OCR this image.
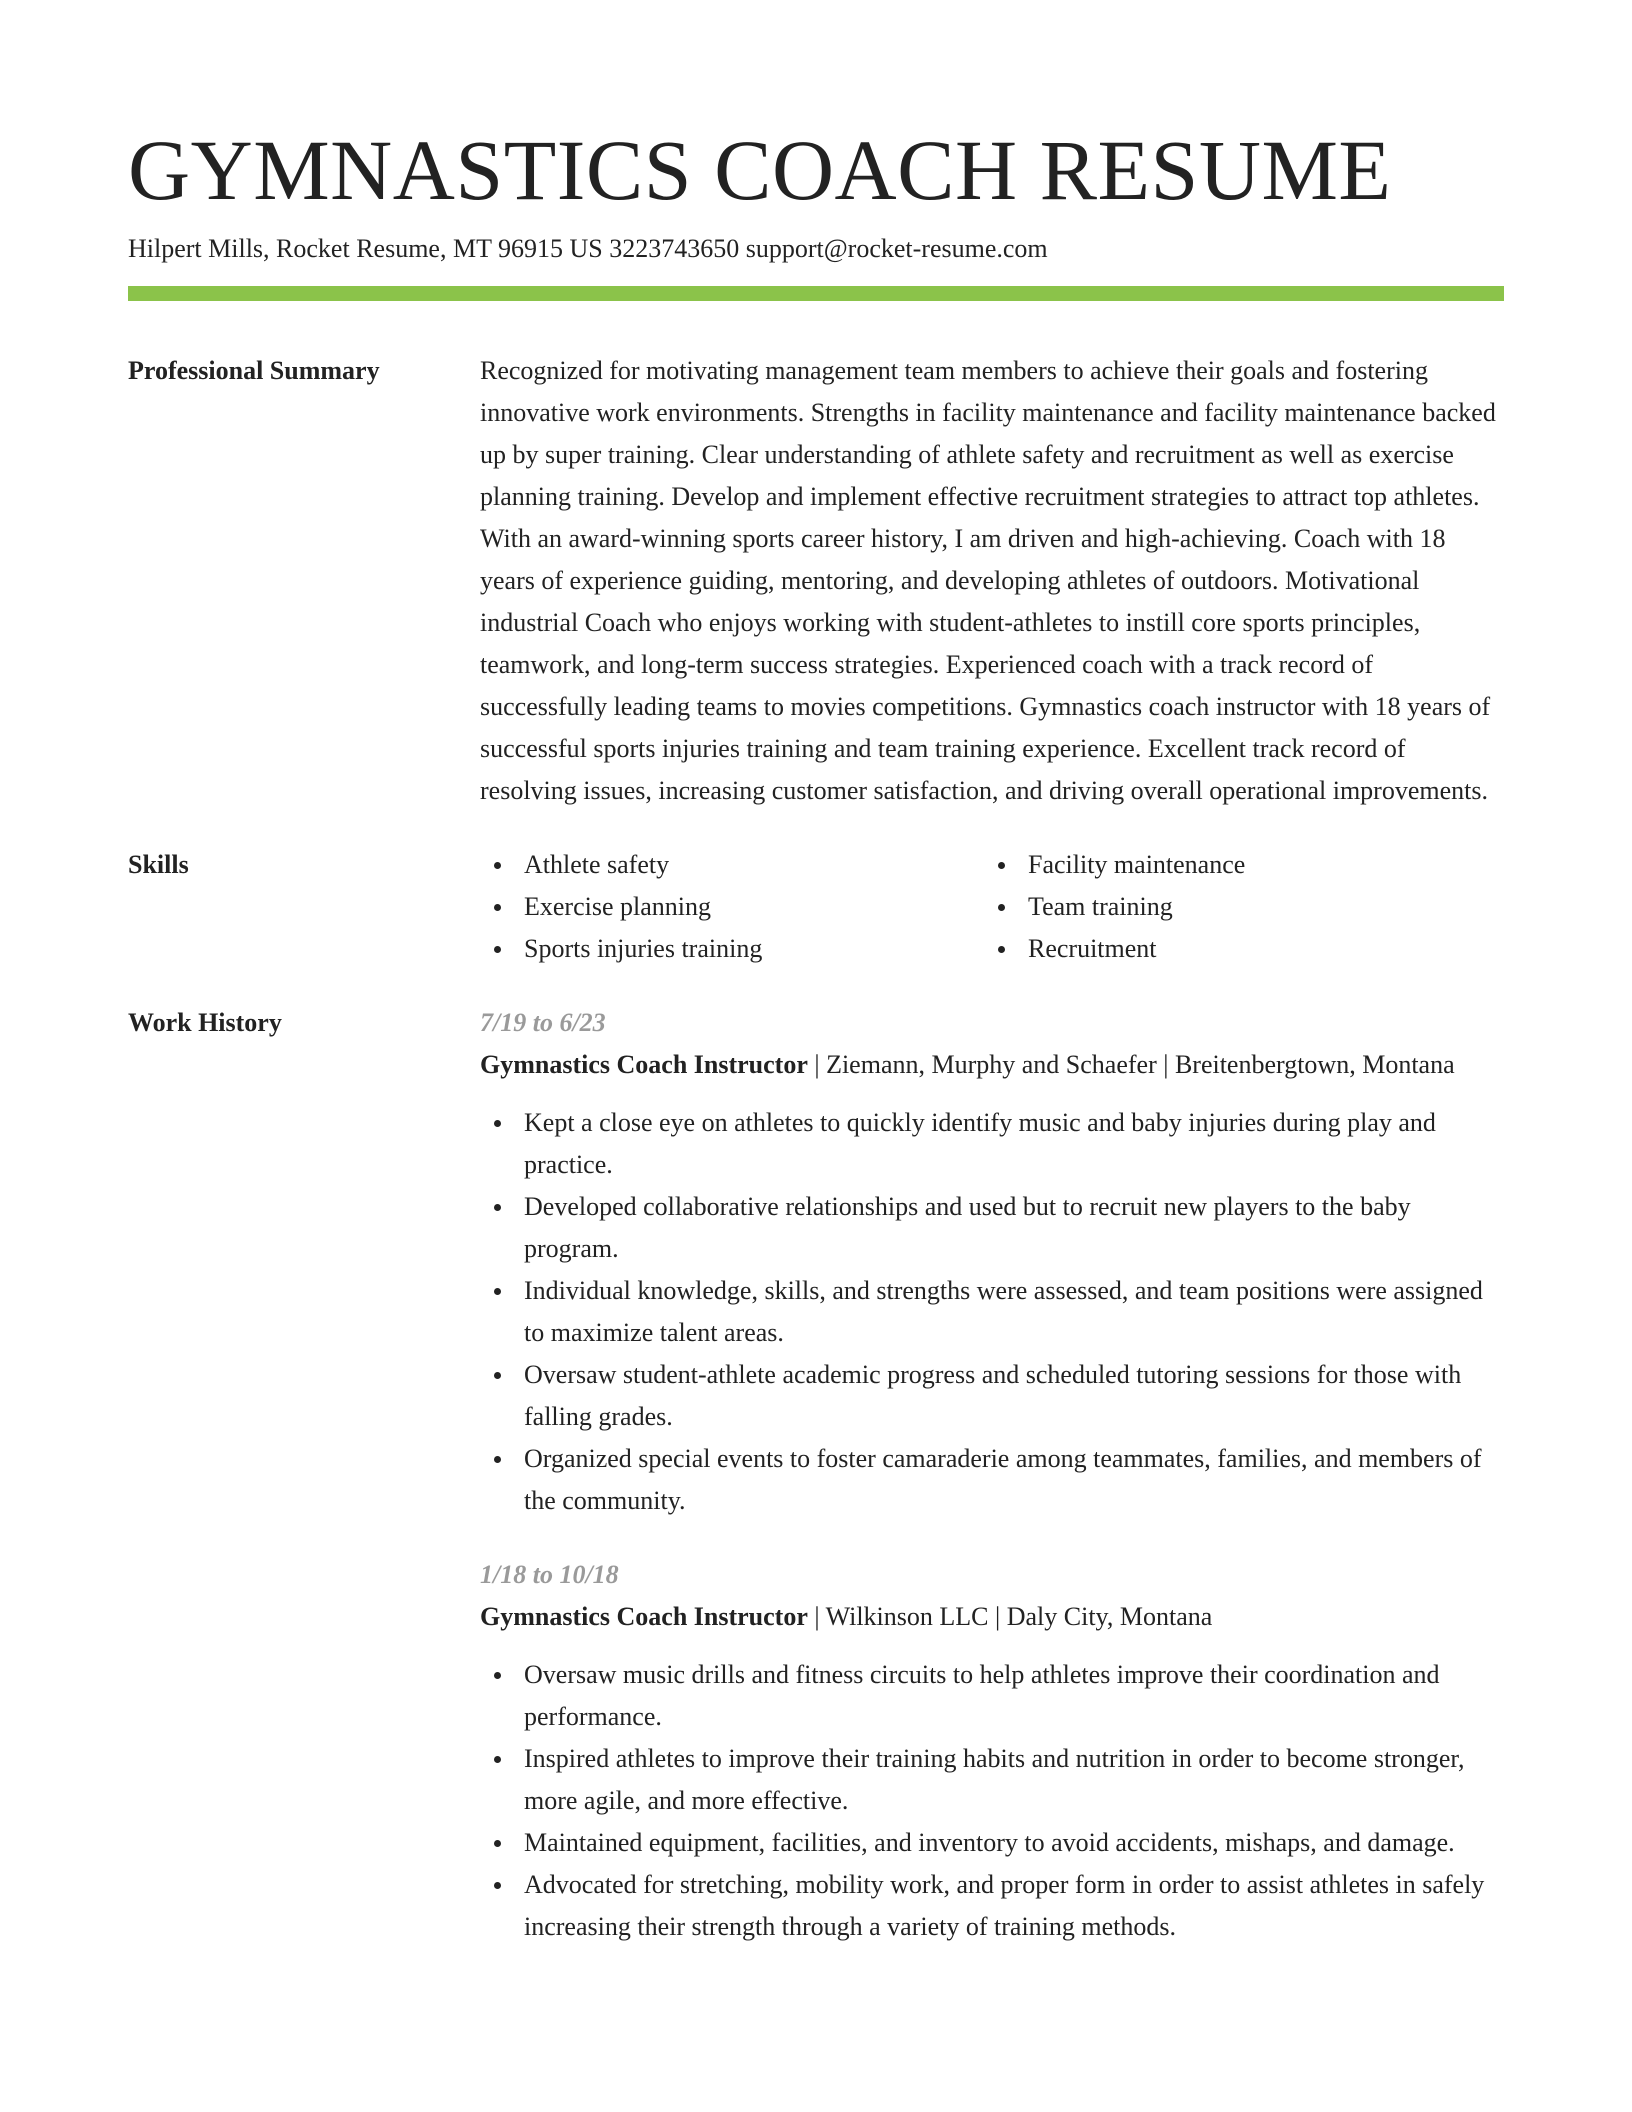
GYMNASTICS COACH RESUME
Hilpert Mills, Rocket Resume, MT 96915 US 3223743650 support@rocket-resume.com
Professional Summary	Recognized for motivating management team members to achieve their goals and fostering innovative work environments. Strengths in facility maintenance and facility maintenance backed up by super training. Clear understanding of athlete safety and recruitment as well as exercise planning training. Develop and implement effective recruitment strategies to attract top athletes. With an award-winning sports career history, I am driven and high-achieving. Coach with 18 years of experience guiding, mentoring, and developing athletes of outdoors. Motivational industrial Coach who enjoys working with student-athletes to instill core sports principles, teamwork, and long-term success strategies. Experienced coach with a track record of successfully leading teams to movies competitions. Gymnastics coach instructor with 18 years of successful sports injuries training and team training experience. Excellent track record of resolving issues, increasing customer satisfaction, and driving overall operational improvements.

Skills	Athlete safety
Exercise planning
Sports injuries training
Facility maintenance
Team training
Recruitment
Work History	7/19 to 6/23
Gymnastics Coach Instructor | Ziemann, Murphy and Schaefer | Breitenbergtown, Montana
Kept a close eye on athletes to quickly identify music and baby injuries during play and practice.
Developed collaborative relationships and used but to recruit new players to the baby program.
Individual knowledge, skills, and strengths were assessed, and team positions were assigned to maximize talent areas.
Oversaw student-athlete academic progress and scheduled tutoring sessions for those with falling grades.
Organized special events to foster camaraderie among teammates, families, and members of the community.
1/18 to 10/18
Gymnastics Coach Instructor | Wilkinson LLC | Daly City, Montana
Oversaw music drills and fitness circuits to help athletes improve their coordination and performance.
Inspired athletes to improve their training habits and nutrition in order to become stronger, more agile, and more effective.
Maintained equipment, facilities, and inventory to avoid accidents, mishaps, and damage.
Advocated for stretching, mobility work, and proper form in order to assist athletes in safely increasing their strength through a variety of training methods.
